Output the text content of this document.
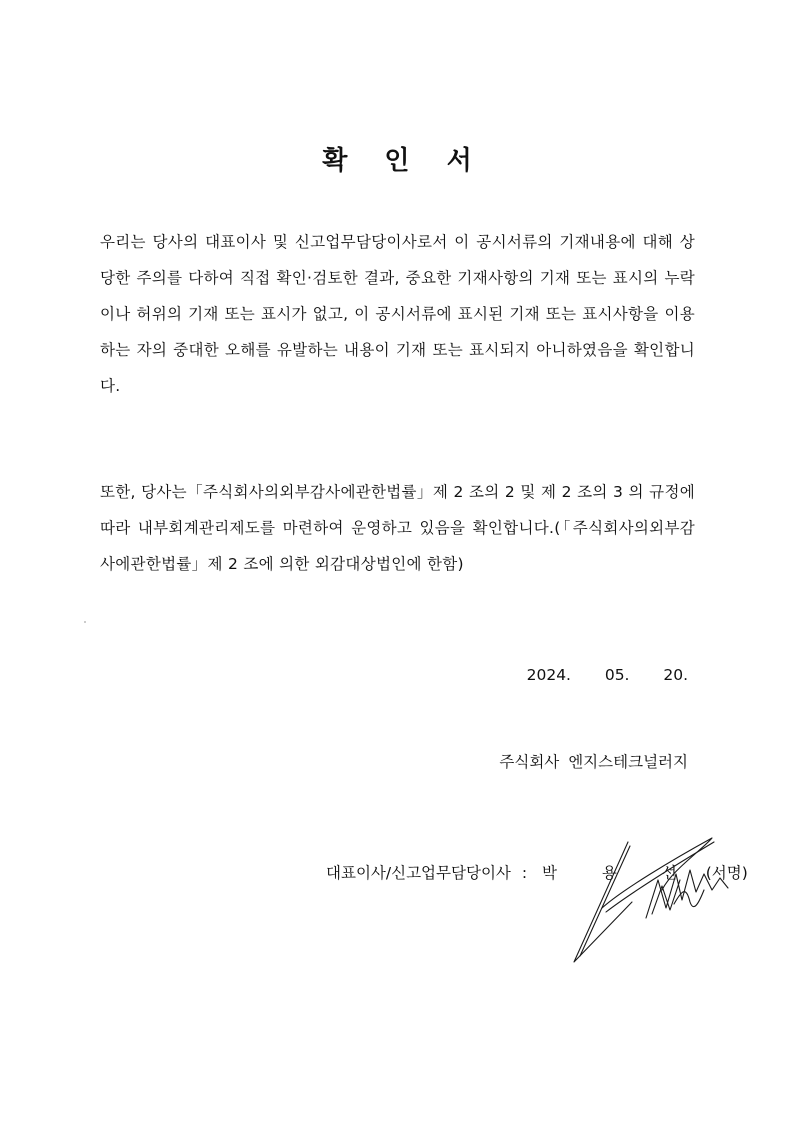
확 인 서

우리는 당사의 대표이사 및 신고업무담당이사로서 이 공시서류의 기재내용에 대해 상당한 주의를 다하여 직접 확인·검토한 결과, 중요한 기재사항의 기재 또는 표시의 누락이나 허위의 기재 또는 표시가 없고, 이 공시서류에 표시된 기재 또는 표시사항을 이용하는 자의 중대한 오해를 유발하는 내용이 기재 또는 표시되지 아니하였음을 확인합니다.

또한, 당사는「주식회사의외부감사에관한법률」제 2 조의 2 및 제 2 조의 3 의 규정에 따라 내부회계관리제도를 마련하여 운영하고 있음을 확인합니다.(「주식회사의외부감사에관한법률」제 2 조에 의한 외감대상법인에 한함)

2024.  05.  20.
주식회사 엔지스테크널러지
대표이사/신고업무담당이사 : 박 용 선 (서명)
